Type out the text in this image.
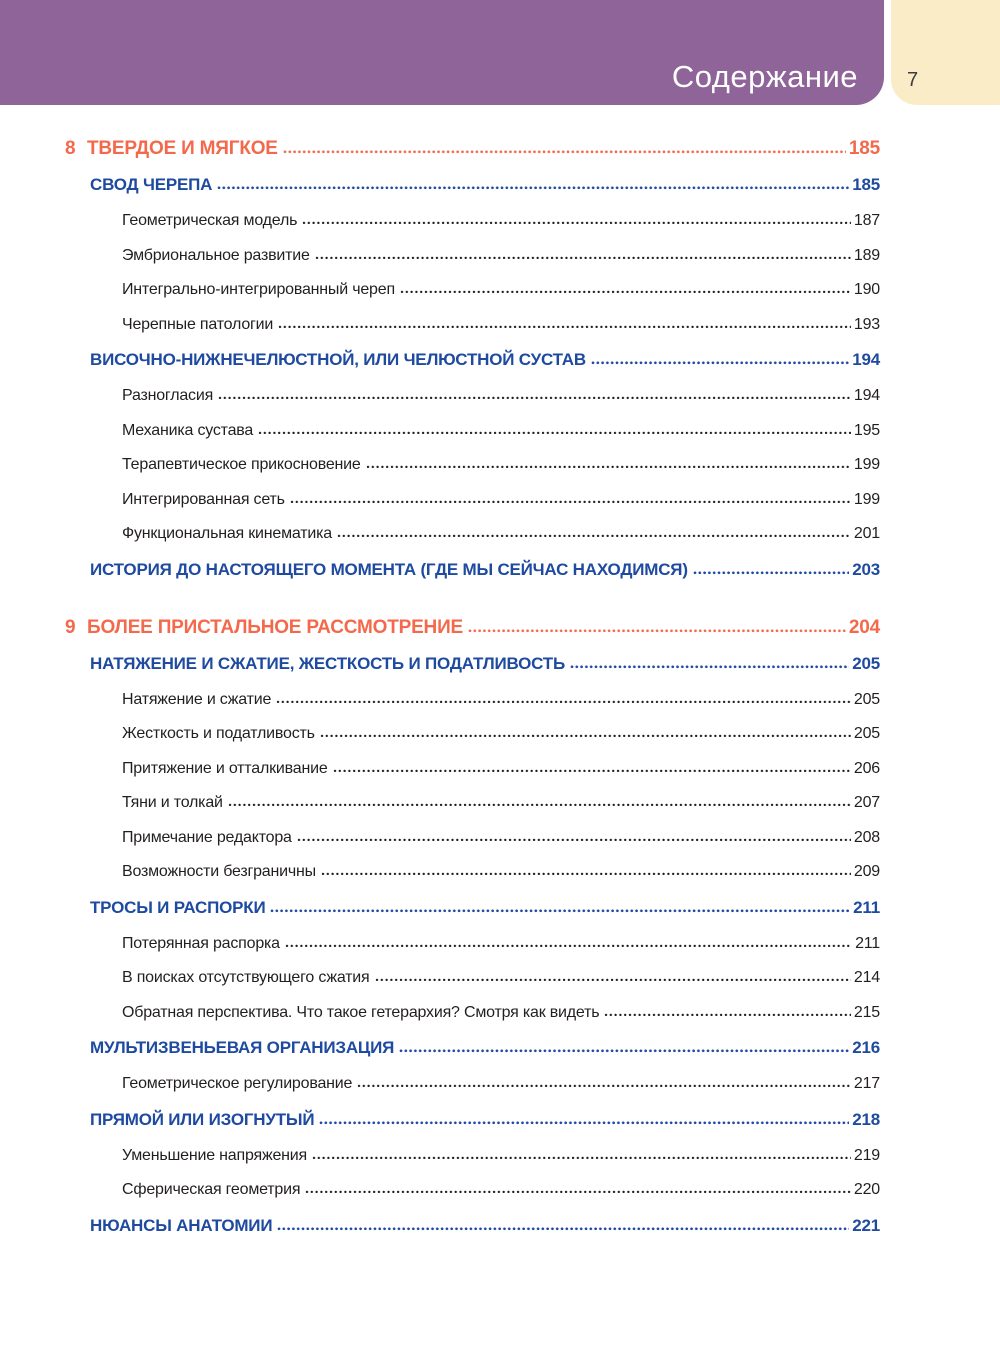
Содержание 7
8 ТВЕРДОЕ И МЯГКОЕ	185
СВОД ЧЕРЕПА	185
Геометрическая модель	187
Эмбриональное развитие	189
Интегрально-интегрированный череп	190
Черепные патологии	193
ВИСОЧНО-НИЖНЕЧЕЛЮСТНОЙ, ИЛИ ЧЕЛЮСТНОЙ СУСТАВ	194
Разногласия	194
Механика сустава	195
Терапевтическое прикосновение	199
Интегрированная сеть	199
Функциональная кинематика	201
ИСТОРИЯ ДО НАСТОЯЩЕГО МОМЕНТА (ГДЕ МЫ СЕЙЧАС НАХОДИМСЯ)	203
9 БОЛЕЕ ПРИСТАЛЬНОЕ РАССМОТРЕНИЕ	204
НАТЯЖЕНИЕ И СЖАТИЕ, ЖЕСТКОСТЬ И ПОДАТЛИВОСТЬ	205
Натяжение и сжатие	205
Жесткость и податливость	205
Притяжение и отталкивание	206
Тяни и толкай	207
Примечание редактора	208
Возможности безграничны	209
ТРОСЫ И РАСПОРКИ	211
Потерянная распорка	211
В поисках отсутствующего сжатия	214
Обратная перспектива. Что такое гетерархия? Смотря как видеть	215
МУЛЬТИЗВЕНЬЕВАЯ ОРГАНИЗАЦИЯ	216
Геометрическое регулирование	217
ПРЯМОЙ ИЛИ ИЗОГНУТЫЙ	218
Уменьшение напряжения	219
Сферическая геометрия	220
НЮАНСЫ АНАТОМИИ	221
